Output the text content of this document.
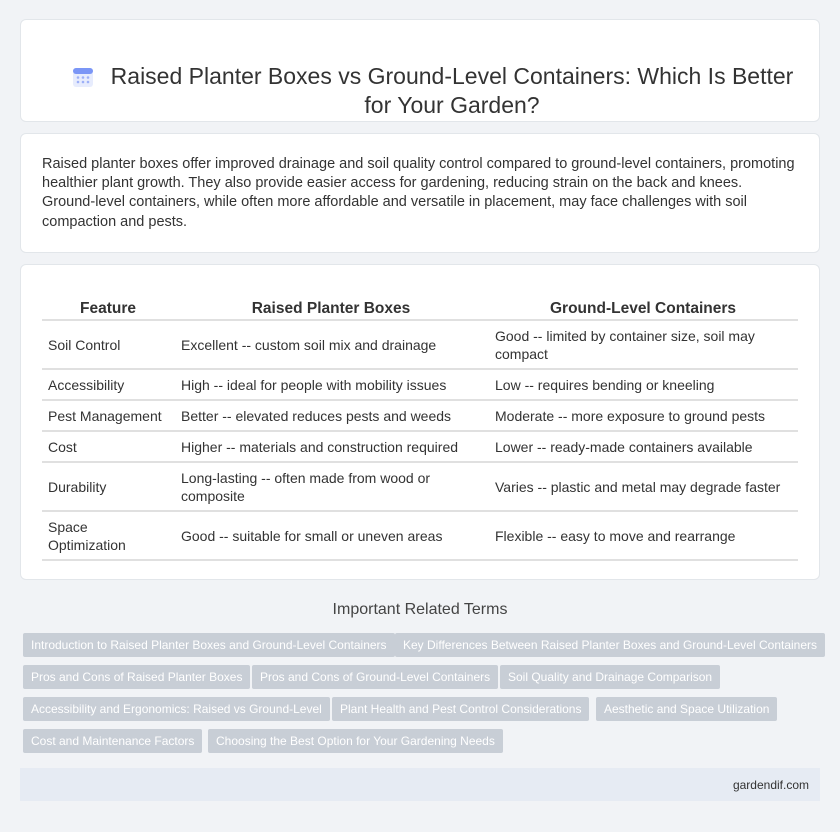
Raised Planter Boxes vs Ground-Level Containers: Which Is Better for Your Garden?

Raised planter boxes offer improved drainage and soil quality control compared to ground-level containers, promoting healthier plant growth. They also provide easier access for gardening, reducing strain on the back and knees. Ground-level containers, while often more affordable and versatile in placement, may face challenges with soil compaction and pests.

Feature	Raised Planter Boxes	Ground-Level Containers
Soil Control	Excellent -- custom soil mix and drainage	Good -- limited by container size, soil may compact
Accessibility	High -- ideal for people with mobility issues	Low -- requires bending or kneeling
Pest Management	Better -- elevated reduces pests and weeds	Moderate -- more exposure to ground pests
Cost	Higher -- materials and construction required	Lower -- ready-made containers available
Durability	Long-lasting -- often made from wood or composite	Varies -- plastic and metal may degrade faster
Space Optimization	Good -- suitable for small or uneven areas	Flexible -- easy to move and rearrange
Important Related Terms
Introduction to Raised Planter Boxes and Ground-Level Containers	Key Differences Between Raised Planter Boxes and Ground-Level Containers
Pros and Cons of Raised Planter Boxes	Pros and Cons of Ground-Level Containers	Soil Quality and Drainage Comparison
Accessibility and Ergonomics: Raised vs Ground-Level	Plant Health and Pest Control Considerations	Aesthetic and Space Utilization
Cost and Maintenance Factors	Choosing the Best Option for Your Gardening Needs
gardendif.com
